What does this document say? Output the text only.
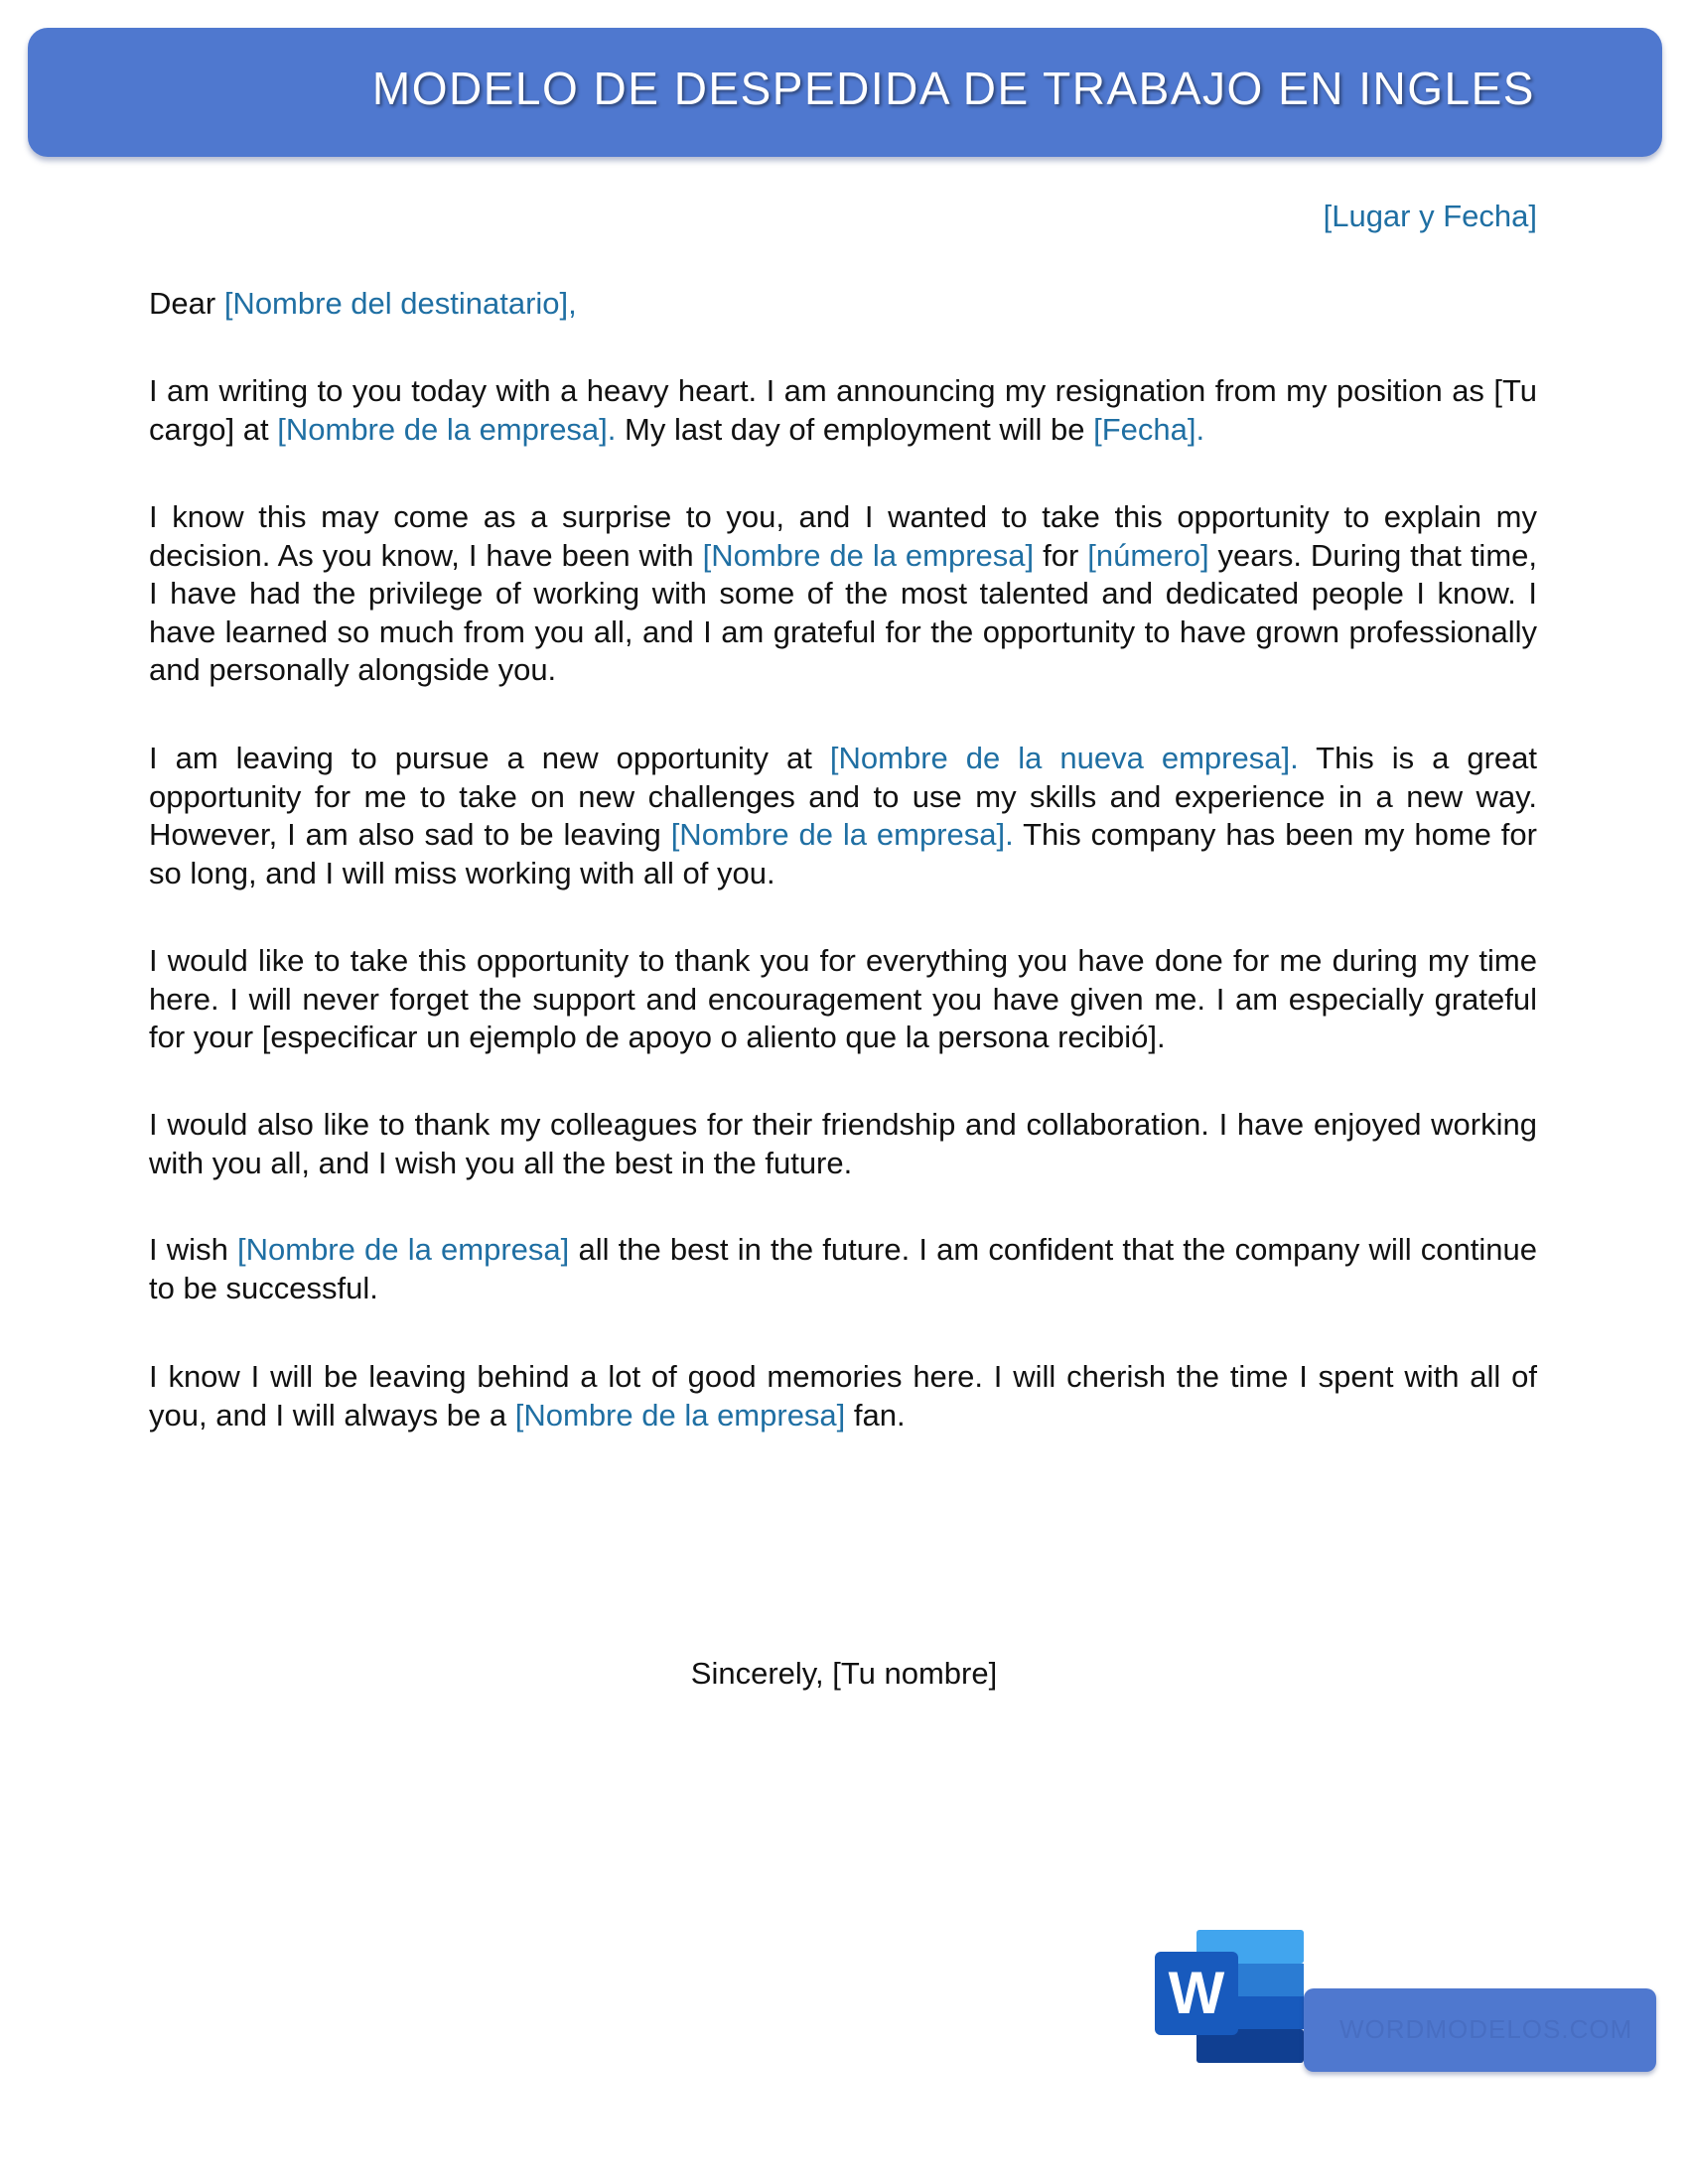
MODELO DE DESPEDIDA DE TRABAJO EN INGLES
[Lugar y Fecha]

Dear [Nombre del destinatario],

I am writing to you today with a heavy heart. I am announcing my resignation from my position as [Tu cargo] at [Nombre de la empresa]. My last day of employment will be [Fecha].

I know this may come as a surprise to you, and I wanted to take this opportunity to explain my decision. As you know, I have been with [Nombre de la empresa] for [número] years. During that time, I have had the privilege of working with some of the most talented and dedicated people I know. I have learned so much from you all, and I am grateful for the opportunity to have grown professionally and personally alongside you.

I am leaving to pursue a new opportunity at [Nombre de la nueva empresa]. This is a great opportunity for me to take on new challenges and to use my skills and experience in a new way. However, I am also sad to be leaving [Nombre de la empresa]. This company has been my home for so long, and I will miss working with all of you.

I would like to take this opportunity to thank you for everything you have done for me during my time here. I will never forget the support and encouragement you have given me. I am especially grateful for your [especificar un ejemplo de apoyo o aliento que la persona recibió].

I would also like to thank my colleagues for their friendship and collaboration. I have enjoyed working with you all, and I wish you all the best in the future.

I wish [Nombre de la empresa] all the best in the future. I am confident that the company will continue to be successful.

I know I will be leaving behind a lot of good memories here. I will cherish the time I spent with all of you, and I will always be a [Nombre de la empresa] fan.

Sincerely, [Tu nombre]
W
WORDMODELOS.COM
